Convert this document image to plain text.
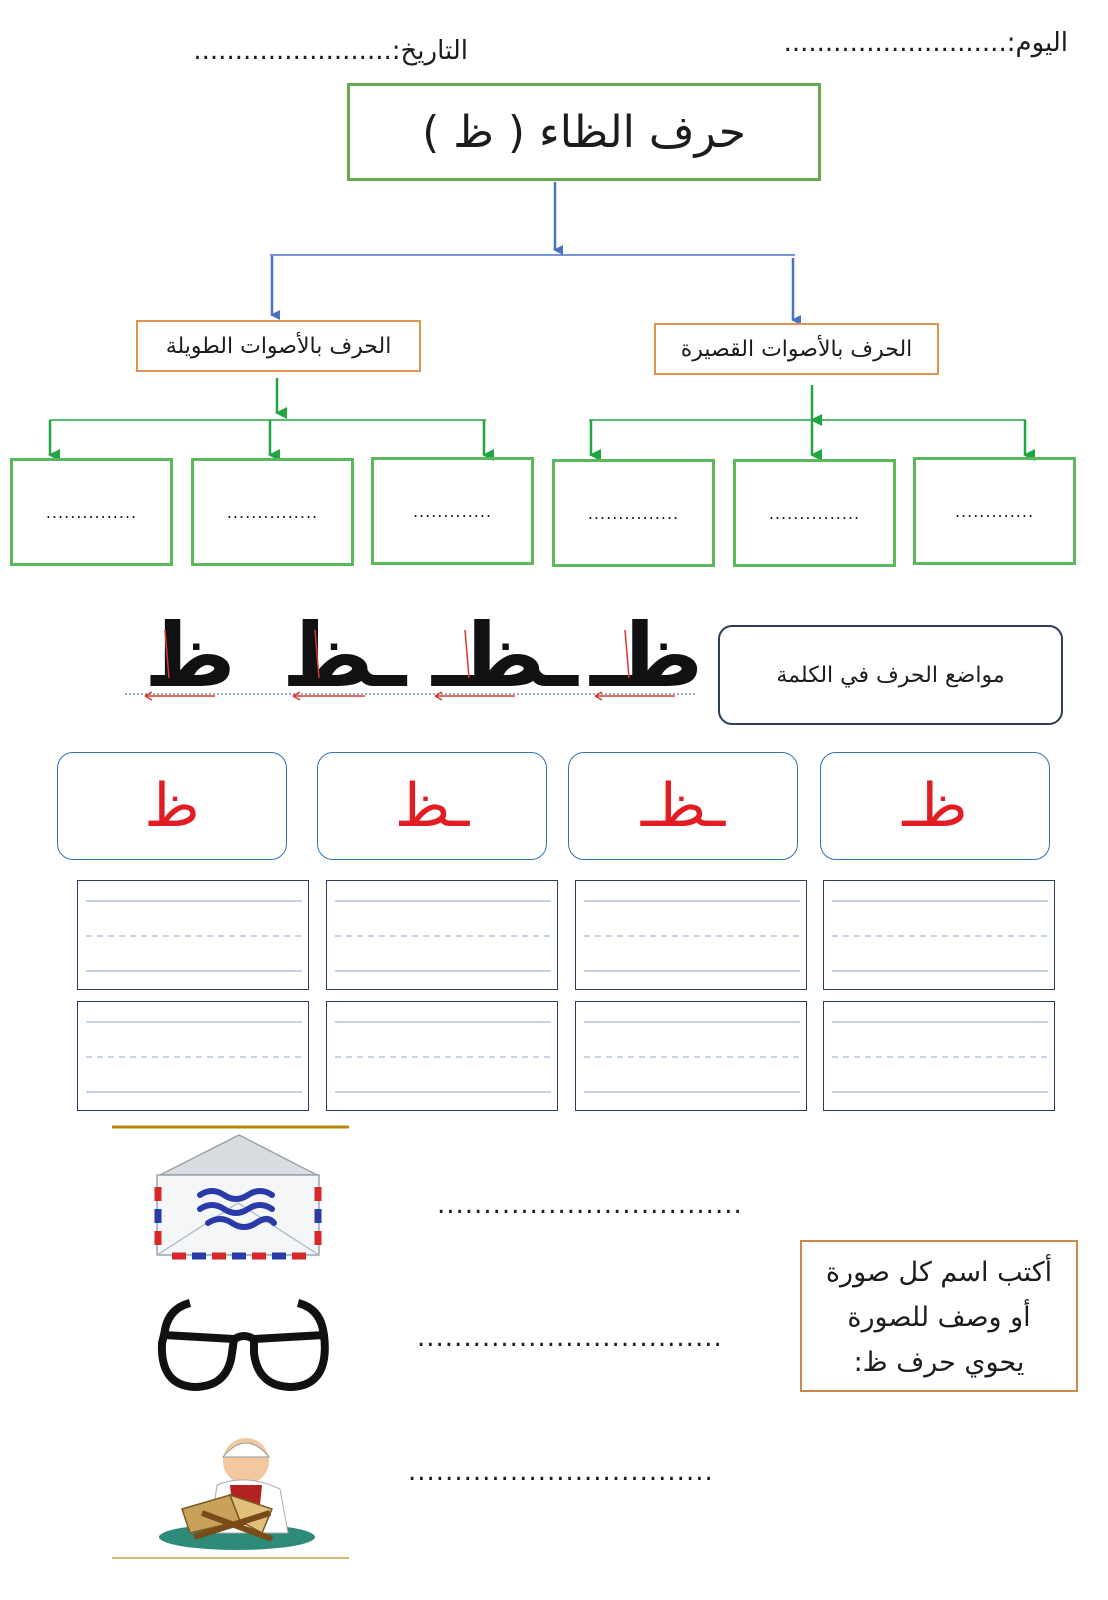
اليوم:...........................
التاريخ:........................
حرف الظاء ( ظ )
الحرف بالأصوات الطويلة	الحرف بالأصوات القصيرة
.............
...............
...............	.............
...............
...............
ظ ـظ ـظـ ظـ	مواضع الحرف في الكلمة
ظـ
ـظـ
ـظ
ظ
.................................
.................................
.................................
أكتب اسم كل صورة
أو وصف للصورة
يحوي حرف ظ:
